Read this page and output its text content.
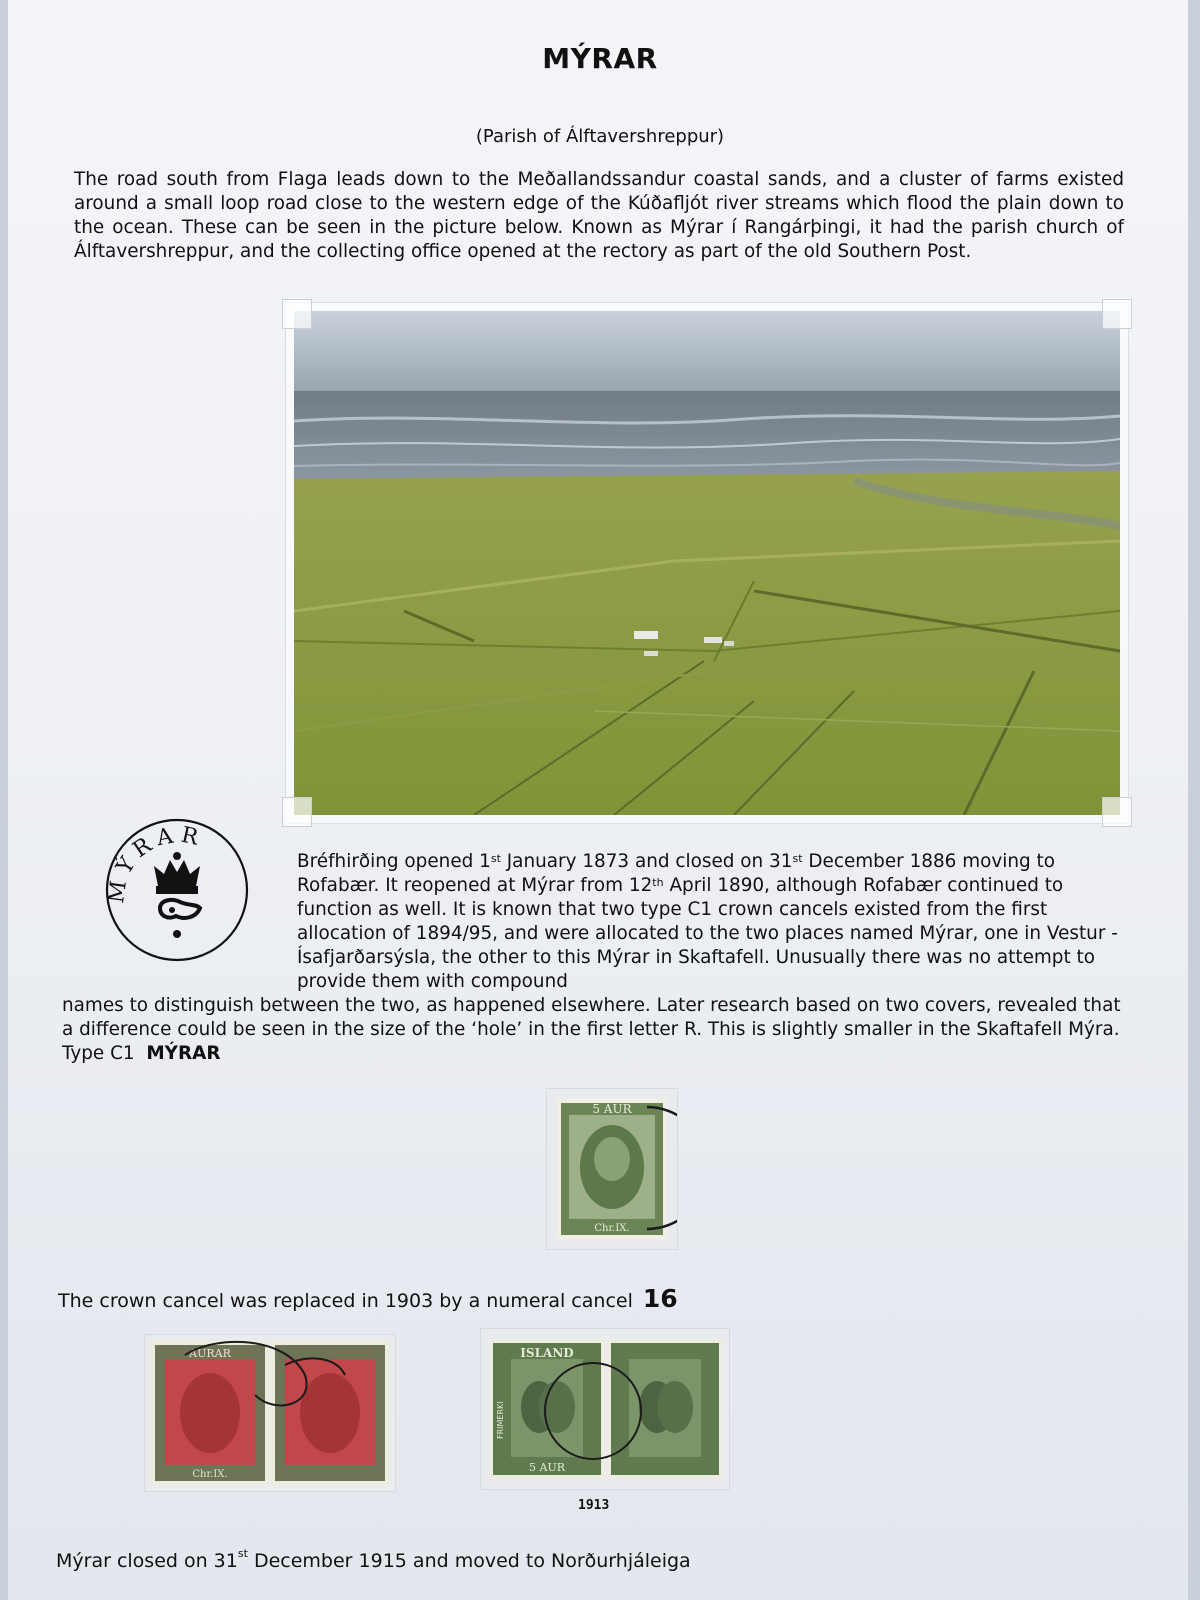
MÝRAR
(Parish of Álftavershreppur)
The road south from Flaga leads down to the Meðallandssandur coastal sands, and a cluster of farms existed around a small loop road close to the western edge of the Kúðafljót river streams which flood the plain down to the ocean. These can be seen in the picture below. Known as Mýrar í Rangárþingi, it had the parish church of Álftavershreppur, and the collecting office opened at the rectory as part of the old Southern Post.
MÝRAR
Bréfhirðing opened 1st January 1873 and closed on 31st December 1886 moving to Rofabær. It reopened at Mýrar from 12th April 1890, although Rofabær continued to function as well. It is known that two type C1 crown cancels existed from the first allocation of 1894/95, and were allocated to the two places named Mýrar, one in Vestur - Ísafjarðarsýsla, the other to this Mýrar in Skaftafell. Unusually there was no attempt to provide them with compound
names to distinguish between the two, as happened elsewhere. Later research based on two covers, revealed that a difference could be seen in the size of the ‘hole’ in the first letter R. This is slightly smaller in the Skaftafell Mýra. Type C1 MÝRAR
5 AUR
Chr.IX.
The crown cancel was replaced in 1903 by a numeral cancel 16
AURAR
Chr.IX.
ISLAND
5 AUR
FRIMERKI
1913
Mýrar closed on 31st December 1915 and moved to Norðurhjáleiga
